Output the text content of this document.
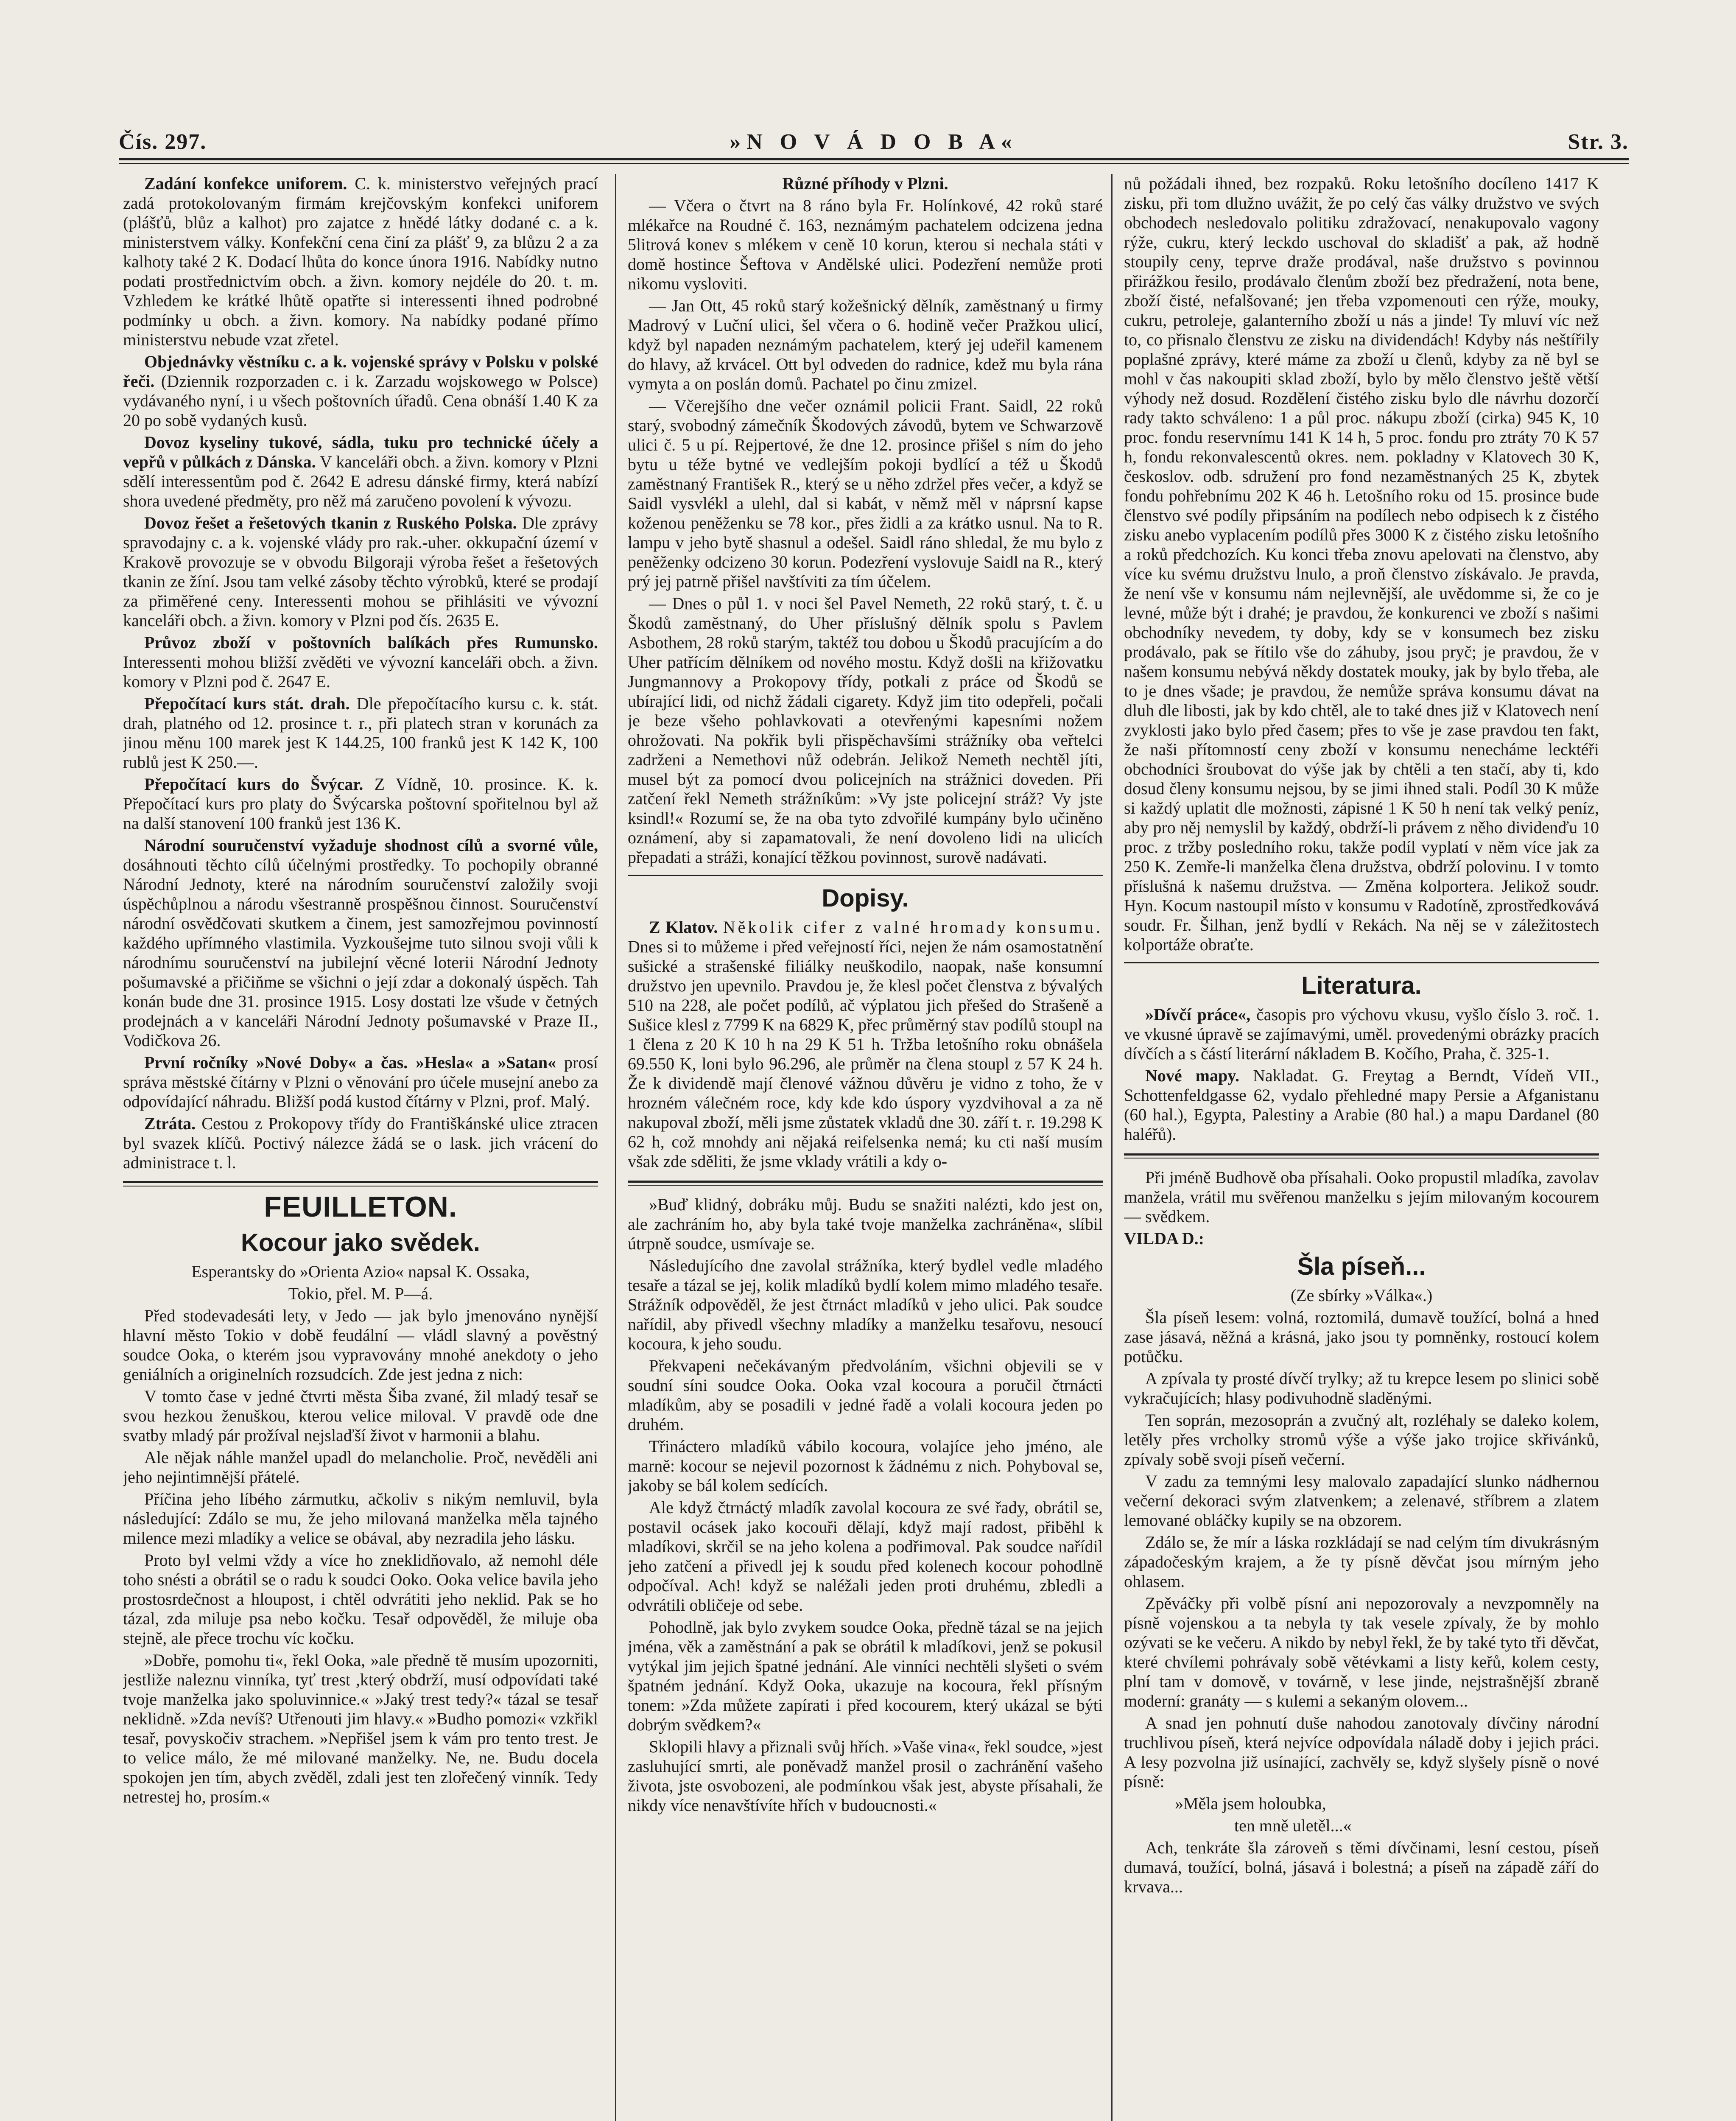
Čís. 297.	»N O V Á D O B A«	Str. 3.

Zadání konfekce uniforem. C. k. ministerstvo veřejných prací zadá protokolovaným firmám krejčovským konfekci uniforem (plášťů, blůz a kalhot) pro zajatce z hnědé látky dodané c. a k. ministerstvem války. Konfekční cena činí za plášť 9, za blůzu 2 a za kalhoty také 2 K. Dodací lhůta do konce února 1916. Nabídky nutno podati prostřednictvím obch. a živn. komory nejdéle do 20. t. m. Vzhledem ke krátké lhůtě opatřte si interessenti ihned podrobné podmínky u obch. a živn. komory. Na nabídky podané přímo ministerstvu nebude vzat zřetel.

Objednávky věstníku c. a k. vojenské správy v Polsku v polské řeči. (Dziennik rozporzaden c. i k. Zarzadu wojskowego w Polsce) vydávaného nyní, i u všech poštovních úřadů. Cena obnáší 1.40 K za 20 po sobě vydaných kusů.

Dovoz kyseliny tukové, sádla, tuku pro technické účely a vepřů v půlkách z Dánska. V kanceláři obch. a živn. komory v Plzni sdělí interessentům pod č. 2642 E adresu dánské firmy, která nabízí shora uvedené předměty, pro něž má zaručeno povolení k vývozu.

Dovoz řešet a řešetových tkanin z Ruského Polska. Dle zprávy spravodajny c. a k. vojenské vlády pro rak.-uher. okkupační území v Krakově provozuje se v obvodu Bilgoraji výroba řešet a řešetových tkanin ze žíní. Jsou tam velké zásoby těchto výrobků, které se prodají za přiměřené ceny. Interessenti mohou se přihlásiti ve vývozní kanceláři obch. a živn. komory v Plzni pod čís. 2635 E.

Průvoz zboží v poštovních balíkách přes Rumunsko. Interessenti mohou bližší zvěděti ve vývozní kanceláři obch. a živn. komory v Plzni pod č. 2647 E.

Přepočítací kurs stát. drah. Dle přepočítacího kursu c. k. stát. drah, platného od 12. prosince t. r., při platech stran v korunách za jinou měnu 100 marek jest K 144.25, 100 franků jest K 142 K, 100 rublů jest K 250.—.

Přepočítací kurs do Švýcar. Z Vídně, 10. prosince. K. k. Přepočítací kurs pro platy do Švýcarska poštovní spořitelnou byl až na další stanovení 100 franků jest 136 K.

Národní souručenství vyžaduje shodnost cílů a svorné vůle, dosáhnouti těchto cílů účelnými prostředky. To pochopily obranné Národní Jednoty, které na národním souručenství založily svoji úspěchůplnou a národu všestranně prospěšnou činnost. Souručenství národní osvědčovati skutkem a činem, jest samozřejmou povinností každého upřímného vlastimila. Vyzkoušejme tuto silnou svoji vůli k národnímu souručenství na jubilejní věcné loterii Národní Jednoty pošumavské a přičiňme se všichni o její zdar a dokonalý úspěch. Tah konán bude dne 31. prosince 1915. Losy dostati lze všude v četných prodejnách a v kanceláři Národní Jednoty pošumavské v Praze II., Vodičkova 26.

První ročníky »Nové Doby« a čas. »Hesla« a »Satan« prosí správa městské čítárny v Plzni o věnování pro účele musejní anebo za odpovídající náhradu. Bližší podá kustod čítárny v Plzni, prof. Malý.

Ztráta. Cestou z Prokopovy třídy do Františkánské ulice ztracen byl svazek klíčů. Poctivý nálezce žádá se o lask. jich vrácení do administrace t. l.

FEUILLETON.
Kocour jako svědek.

Esperantsky do »Orienta Azio« napsal K. Ossaka,

Tokio, přel. M. P—á.

Před stodevadesáti lety, v Jedo — jak bylo jmenováno nynější hlavní město Tokio v době feudální — vládl slavný a pověstný soudce Ooka, o kterém jsou vypravovány mnohé anekdoty o jeho geniálních a originelních rozsudcích. Zde jest jedna z nich:

V tomto čase v jedné čtvrti města Šiba zvané, žil mladý tesař se svou hezkou ženuškou, kterou velice miloval. V pravdě ode dne svatby mladý pár prožíval nejslaďší život v harmonii a blahu.

Ale nějak náhle manžel upadl do melancholie. Proč, nevěděli ani jeho nejintimnější přátelé.

Příčina jeho líbého zármutku, ačkoliv s nikým nemluvil, byla následující: Zdálo se mu, že jeho milovaná manželka měla tajného milence mezi mladíky a velice se obával, aby nezradila jeho lásku.

Proto byl velmi vždy a více ho zneklidňovalo, až nemohl déle toho snésti a obrátil se o radu k soudci Ooko. Ooka velice bavila jeho prostosrdečnost a hloupost, i chtěl odvrátiti jeho neklid. Pak se ho tázal, zda miluje psa nebo kočku. Tesař odpověděl, že miluje oba stejně, ale přece trochu víc kočku.

»Dobře, pomohu ti«, řekl Ooka, »ale předně tě musím upozorniti, jestliže naleznu vinníka, tyť trest ,který obdrží, musí odpovídati také tvoje manželka jako spoluvinnice.« »Jaký trest tedy?« tázal se tesař neklidně. »Zda nevíš? Utřenouti jim hlavy.« »Budho pomozi« vzkřikl tesař, povyskočiv strachem. »Nepřišel jsem k vám pro tento trest. Je to velice málo, že mé milované manželky. Ne, ne. Budu docela spokojen jen tím, abych zvěděl, zdali jest ten zlořečený vinník. Tedy netrestej ho, prosím.«

Různé příhody v Plzni.

— Včera o čtvrt na 8 ráno byla Fr. Holínkové, 42 roků staré mlékařce na Roudné č. 163, neznámým pachatelem odcizena jedna 5litrová konev s mlékem v ceně 10 korun, kterou si nechala státi v domě hostince Šeftova v Andělské ulici. Podezření nemůže proti nikomu vysloviti.

— Jan Ott, 45 roků starý kožešnický dělník, zaměstnaný u firmy Madrový v Luční ulici, šel včera o 6. hodině večer Pražkou ulicí, když byl napaden neznámým pachatelem, který jej udeřil kamenem do hlavy, až krvácel. Ott byl odveden do radnice, kdež mu byla rána vymyta a on poslán domů. Pachatel po činu zmizel.

— Včerejšího dne večer oznámil policii Frant. Saidl, 22 roků starý, svobodný zámečník Škodových závodů, bytem ve Schwarzově ulici č. 5 u pí. Rejpertové, že dne 12. prosince přišel s ním do jeho bytu u téže bytné ve vedlejším pokoji bydlící a též u Škodů zaměstnaný František R., který se u něho zdržel přes večer, a když se Saidl vysvlékl a ulehl, dal si kabát, v němž měl v náprsní kapse koženou peněženku se 78 kor., přes židli a za krátko usnul. Na to R. lampu v jeho bytě shasnul a odešel. Saidl ráno shledal, že mu bylo z peněženky odcizeno 30 korun. Podezření vyslovuje Saidl na R., který prý jej patrně přišel navštíviti za tím účelem.

— Dnes o půl 1. v noci šel Pavel Nemeth, 22 roků starý, t. č. u Škodů zaměstnaný, do Uher příslušný dělník spolu s Pavlem Asbothem, 28 roků starým, taktéž tou dobou u Škodů pracujícím a do Uher patřícím dělníkem od nového mostu. Když došli na křižovatku Jungmannovy a Prokopovy třídy, potkali z práce od Škodů se ubírající lidi, od nichž žádali cigarety. Když jim tito odepřeli, počali je beze všeho pohlavkovati a otevřenými kapesními nožem ohrožovati. Na pokřik byli přispěchavšími strážníky oba veřtelci zadrženi a Nemethovi nůž odebrán. Jelikož Nemeth nechtěl jíti, musel být za pomocí dvou policejních na strážnici doveden. Při zatčení řekl Nemeth strážníkům: »Vy jste policejní stráž? Vy jste ksindl!« Rozumí se, že na oba tyto zdvořilé kumpány bylo učiněno oznámení, aby si zapamatovali, že není dovoleno lidi na ulicích přepadati a stráži, konající těžkou povinnost, surově nadávati.

Dopisy.

Z Klatov. Několik cifer z valné hromady konsumu. Dnes si to můžeme i před veřejností říci, nejen že nám osamostatnění sušické a strašenské filiálky neuškodilo, naopak, naše konsumní družstvo jen upevnilo. Pravdou je, že klesl počet členstva z bývalých 510 na 228, ale počet podílů, ač výplatou jich přešed do Strašeně a Sušice klesl z 7799 K na 6829 K, přec průměrný stav podílů stoupl na 1 člena z 20 K 10 h na 29 K 51 h. Tržba letošního roku obnášela 69.550 K, loni bylo 96.296, ale průměr na člena stoupl z 57 K 24 h. Že k dividendě mají členové vážnou důvěru je vidno z toho, že v hrozném válečném roce, kdy kde kdo úspory vyzdvihoval a za ně nakupoval zboží, měli jsme zůstatek vkladů dne 30. září t. r. 19.298 K 62 h, což mnohdy ani nějaká reifelsenka nemá; ku cti naší musím však zde sděliti, že jsme vklady vrátili a kdy o-

»Buď klidný, dobráku můj. Budu se snažiti nalézti, kdo jest on, ale zachráním ho, aby byla také tvoje manželka zachráněna«, slíbil útrpně soudce, usmívaje se.

Následujícího dne zavolal strážníka, který bydlel vedle mladého tesaře a tázal se jej, kolik mladíků bydlí kolem mimo mladého tesaře. Strážník odpověděl, že jest čtrnáct mladíků v jeho ulici. Pak soudce nařídil, aby přivedl všechny mladíky a manželku tesařovu, nesoucí kocoura, k jeho soudu.

Překvapeni nečekávaným předvoláním, všichni objevili se v soudní síni soudce Ooka. Ooka vzal kocoura a poručil čtrnácti mladíkům, aby se posadili v jedné řadě a volali kocoura jeden po druhém.

Třináctero mladíků vábilo kocoura, volajíce jeho jméno, ale marně: kocour se nejevil pozornost k žádnému z nich. Pohyboval se, jakoby se bál kolem sedících.

Ale když čtrnáctý mladík zavolal kocoura ze své řady, obrátil se, postavil ocásek jako kocouři dělají, když mají radost, přiběhl k mladíkovi, skrčil se na jeho kolena a podřimoval. Pak soudce nařídil jeho zatčení a přivedl jej k soudu před kolenech kocour pohodlně odpočíval. Ach! když se naléžali jeden proti druhému, zbledli a odvrátili obličeje od sebe.

Pohodlně, jak bylo zvykem soudce Ooka, předně tázal se na jejich jména, věk a zaměstnání a pak se obrátil k mladíkovi, jenž se pokusil vytýkal jim jejich špatné jednání. Ale vinníci nechtěli slyšeti o svém špatném jednání. Když Ooka, ukazuje na kocoura, řekl přísným tonem: »Zda můžete zapírati i před kocourem, který ukázal se býti dobrým svědkem?«

Sklopili hlavy a přiznali svůj hřích. »Vaše vina«, řekl soudce, »jest zasluhující smrti, ale poněvadž manžel prosil o zachránění vašeho života, jste osvobozeni, ale podmínkou však jest, abyste přísahali, že nikdy více nenavštívíte hřích v budoucnosti.«

nů požádali ihned, bez rozpaků. Roku letošního docíleno 1417 K zisku, při tom dlužno uvážit, že po celý čas války družstvo ve svých obchodech nesledovalo politiku zdražovací, nenakupovalo vagony rýže, cukru, který leckdo uschoval do skladišť a pak, až hodně stoupily ceny, teprve draže prodával, naše družstvo s povinnou přirážkou řesilo, prodávalo členům zboží bez předražení, nota bene, zboží čisté, nefalšované; jen třeba vzpomenouti cen rýže, mouky, cukru, petroleje, galanterního zboží u nás a jinde! Ty mluví víc než to, co přisnalo členstvu ze zisku na dividendách! Kdyby nás neštířily poplašné zprávy, které máme za zboží u členů, kdyby za ně byl se mohl v čas nakoupiti sklad zboží, bylo by mělo členstvo ještě větší výhody než dosud. Rozdělení čistého zisku bylo dle návrhu dozorčí rady takto schváleno: 1 a půl proc. nákupu zboží (cirka) 945 K, 10 proc. fondu reservnímu 141 K 14 h, 5 proc. fondu pro ztráty 70 K 57 h, fondu rekonvalescentů okres. nem. pokladny v Klatovech 30 K, českoslov. odb. sdružení pro fond nezaměstnaných 25 K, zbytek fondu pohřebnímu 202 K 46 h. Letošního roku od 15. prosince bude členstvo své podíly připsáním na podílech nebo odpisech k z čistého zisku anebo vyplacením podílů přes 3000 K z čistého zisku letošního a roků předchozích. Ku konci třeba znovu apelovati na členstvo, aby více ku svému družstvu lnulo, a proň členstvo získávalo. Je pravda, že není vše v konsumu nám nejlevnější, ale uvědomme si, že co je levné, může být i drahé; je pravdou, že konkurenci ve zboží s našimi obchodníky nevedem, ty doby, kdy se v konsumech bez zisku prodávalo, pak se řítilo vše do záhuby, jsou pryč; je pravdou, že v našem konsumu nebývá někdy dostatek mouky, jak by bylo třeba, ale to je dnes všade; je pravdou, že nemůže správa konsumu dávat na dluh dle libosti, jak by kdo chtěl, ale to také dnes již v Klatovech není zvyklosti jako bylo před časem; přes to vše je zase pravdou ten fakt, že naši přítomností ceny zboží v konsumu nenecháme lecktéři obchodníci šroubovat do výše jak by chtěli a ten stačí, aby ti, kdo dosud členy konsumu nejsou, by se jimi ihned stali. Podíl 30 K může si každý uplatit dle možnosti, zápisné 1 K 50 h není tak velký peníz, aby pro něj nemyslil by každý, obdrží-li právem z něho dividenďu 10 proc. z tržby posledního roku, takže podíl vyplatí v něm více jak za 250 K. Zemře-li manželka člena družstva, obdrží polovinu. I v tomto příslušná k našemu družstva. — Změna kolportera. Jelikož soudr. Hyn. Kocum nastoupil místo v konsumu v Radotíně, zprostředkovává soudr. Fr. Šilhan, jenž bydlí v Rekách. Na něj se v záležitostech kolportáže obraťte.

Literatura.

»Dívčí práce«, časopis pro výchovu vkusu, vyšlo číslo 3. roč. 1. ve vkusné úpravě se zajímavými, uměl. provedenými obrázky pracích dívčích a s částí literární nákladem B. Kočího, Praha, č. 325-1.

Nové mapy. Nakladat. G. Freytag a Berndt, Vídeň VII., Schottenfeldgasse 62, vydalo přehledné mapy Persie a Afganistanu (60 hal.), Egypta, Palestiny a Arabie (80 hal.) a mapu Dardanel (80 haléřů).

Při jméně Budhově oba přísahali. Ooko propustil mladíka, zavolav manžela, vrátil mu svěřenou manželku s jejím milovaným kocourem — svědkem.

VILDA D.:

Šla píseň...

(Ze sbírky »Válka«.)

Šla píseň lesem: volná, roztomilá, dumavě toužící, bolná a hned zase jásavá, něžná a krásná, jako jsou ty pomněnky, rostoucí kolem potůčku.

A zpívala ty prosté dívčí trylky; až tu krepce lesem po slinici sobě vykračujících; hlasy podivuhodně sladěnými.

Ten soprán, mezosoprán a zvučný alt, rozléhaly se daleko kolem, letěly přes vrcholky stromů výše a výše jako trojice skřivánků, zpívaly sobě svoji píseň večerní.

V zadu za temnými lesy malovalo zapadající slunko nádhernou večerní dekoraci svým zlatvenkem; a zelenavé, stříbrem a zlatem lemované obláčky kupily se na obzorem.

Zdálo se, že mír a láska rozkládají se nad celým tím divukrásným západočeským krajem, a že ty písně děvčat jsou mírným jeho ohlasem.

Zpěváčky při volbě písní ani nepozorovaly a nevzpomněly na písně vojenskou a ta nebyla ty tak vesele zpívaly, že by mohlo ozývati se ke večeru. A nikdo by nebyl řekl, že by také tyto tři děvčat, které chvílemi pohrávaly sobě větévkami a listy keřů, kolem cesty, plní tam v domově, v továrně, v lese jinde, nejstrašnější zbraně moderní: granáty — s kulemi a sekaným olovem...

A snad jen pohnutí duše nahodou zanotovaly dívčiny národní truchlivou píseň, která nejvíce odpovídala náladě doby i jejich práci. A lesy pozvolna již usínající, zachvěly se, když slyšely písně o nové písně:

»Měla jsem holoubka,

ten mně uletěl...«

Ach, tenkráte šla zároveň s těmi dívčinami, lesní cestou, píseň dumavá, toužící, bolná, jásavá i bolestná; a píseň na západě září do krvava...
